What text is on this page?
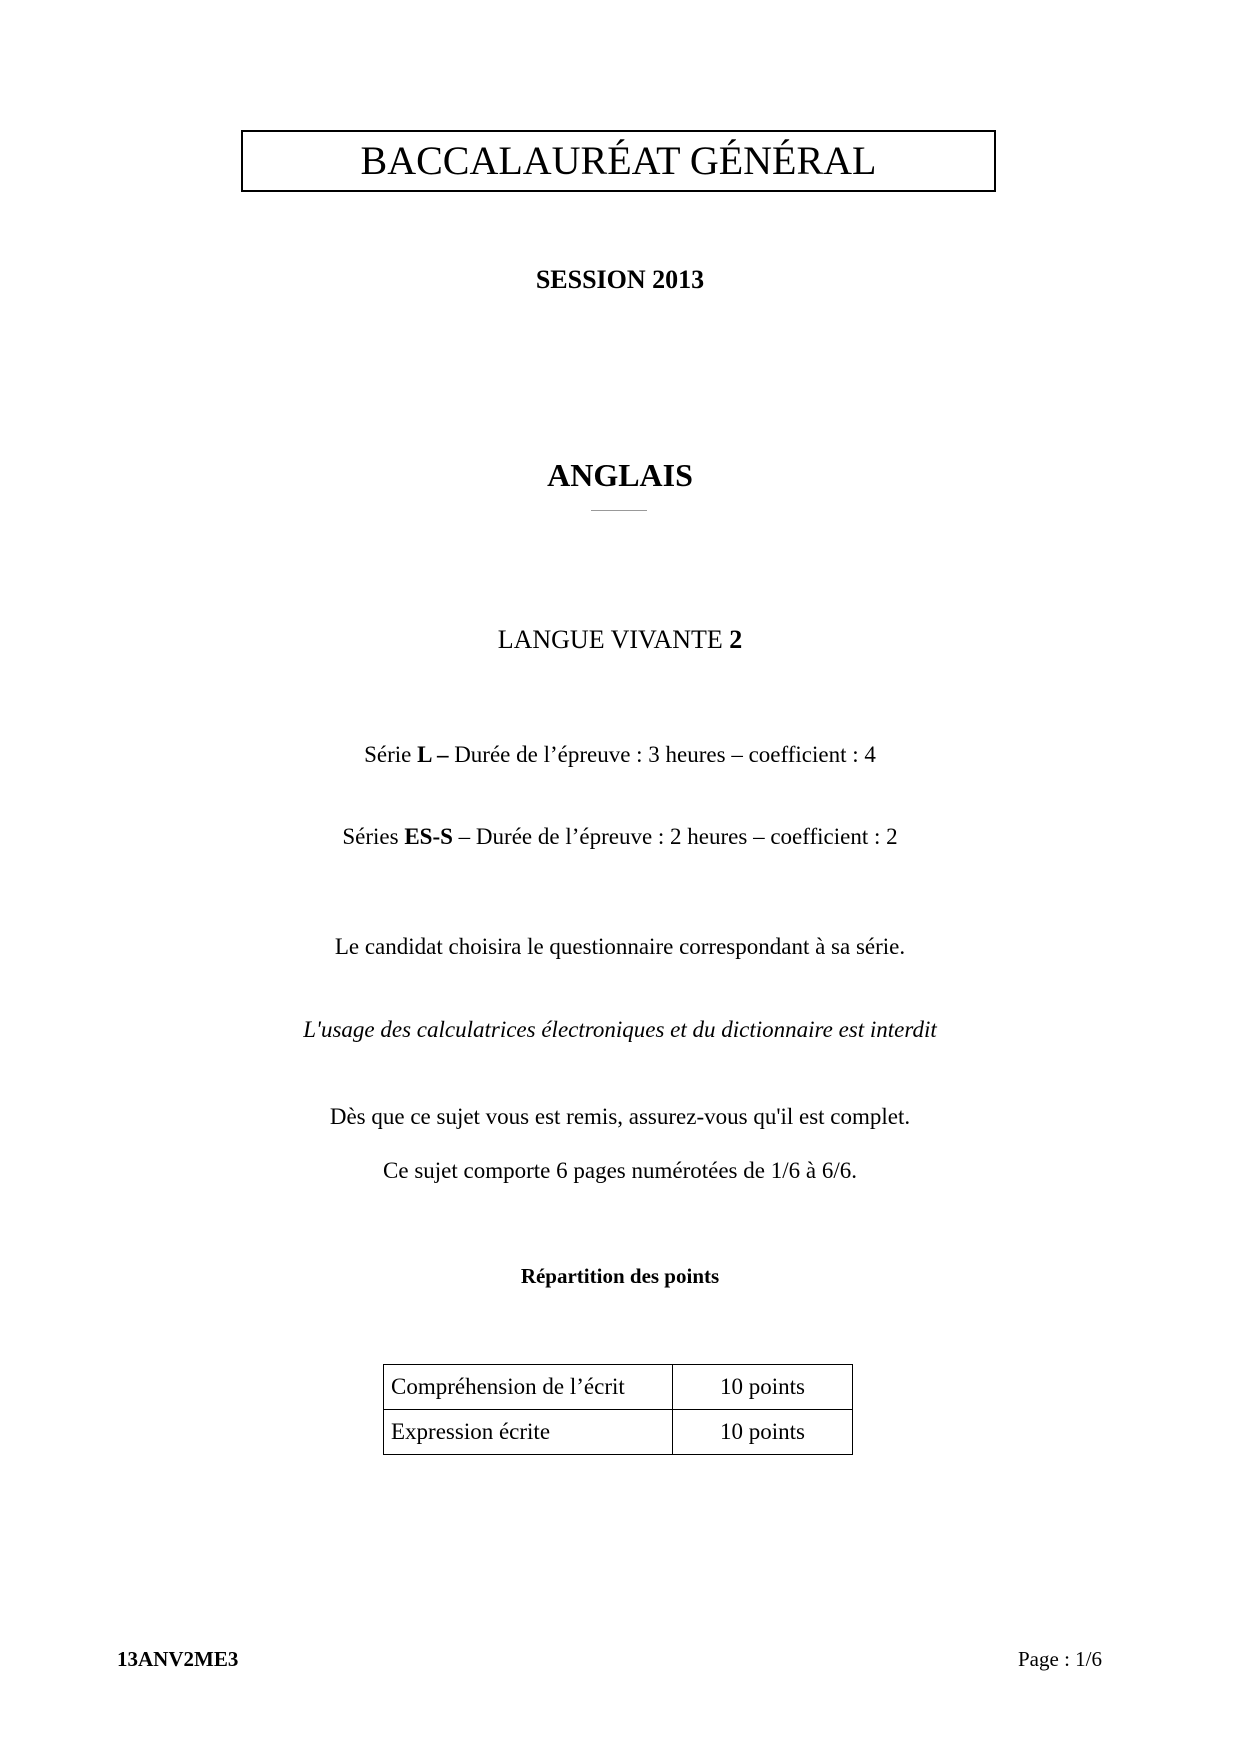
BACCALAURÉAT GÉNÉRAL
SESSION 2013
ANGLAIS
LANGUE VIVANTE 2
Série L – Durée de l’épreuve : 3 heures – coefficient : 4
Séries ES-S – Durée de l’épreuve : 2 heures – coefficient : 2
Le candidat choisira le questionnaire correspondant à sa série.
L'usage des calculatrices électroniques et du dictionnaire est interdit
Dès que ce sujet vous est remis, assurez-vous qu'il est complet.
Ce sujet comporte 6 pages numérotées de 1/6 à 6/6.
Répartition des points
Compréhension de l’écrit	10 points
Expression écrite	10 points
13ANV2ME3	Page : 1/6
